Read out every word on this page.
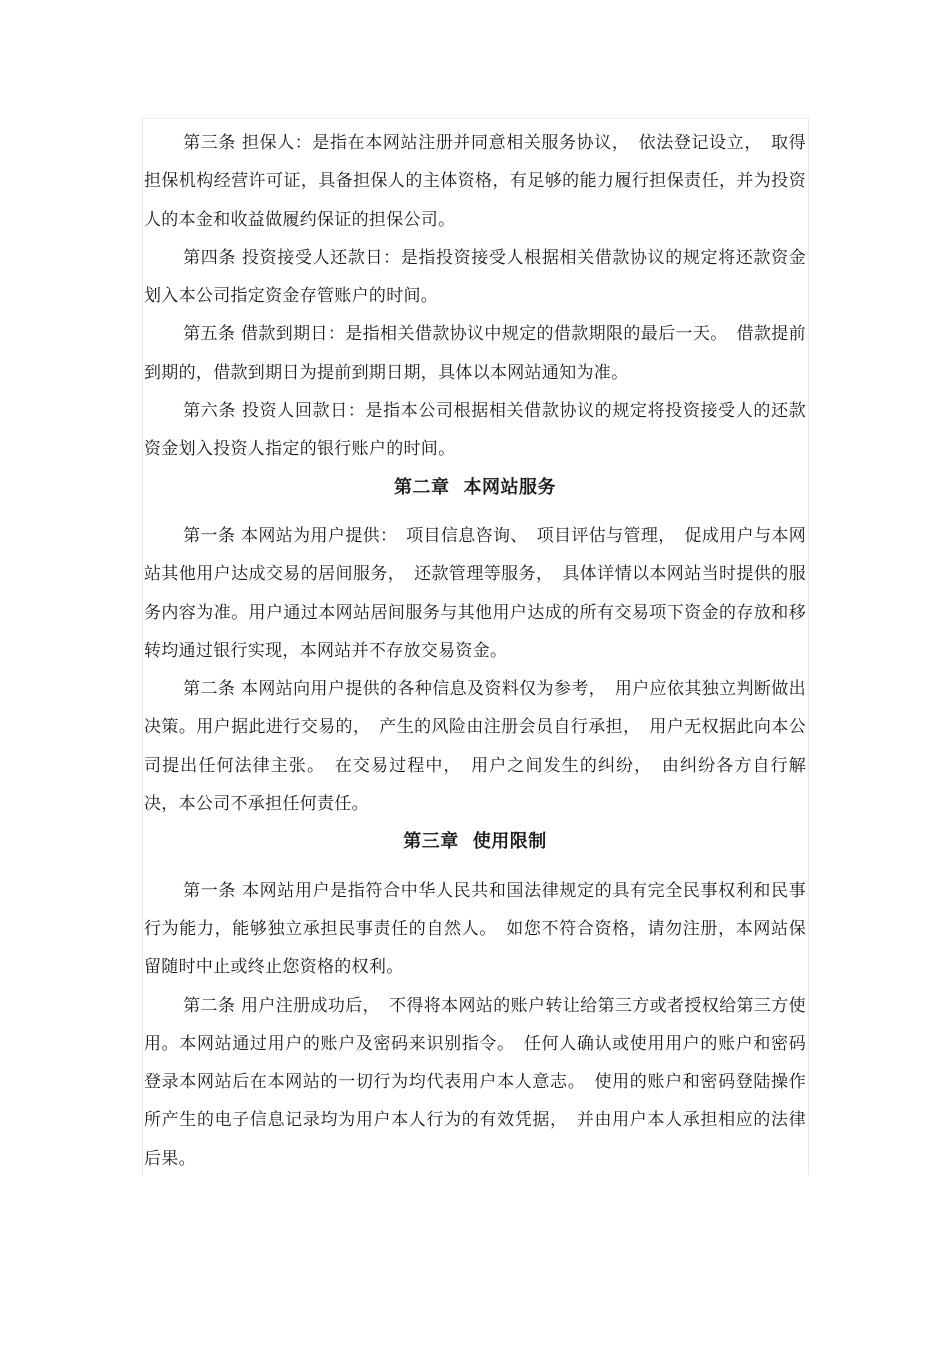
第三条 担保人：是指在本网站注册并同意相关服务协议，　依法登记设立，　取得担保机构经营许可证，具备担保人的主体资格，有足够的能力履行担保责任，并为投资人的本金和收益做履约保证的担保公司。

第四条 投资接受人还款日：是指投资接受人根据相关借款协议的规定将还款资金划入本公司指定资金存管账户的时间。

第五条 借款到期日：是指相关借款协议中规定的借款期限的最后一天。　借款提前到期的，借款到期日为提前到期日期，具体以本网站通知为准。

第六条 投资人回款日：是指本公司根据相关借款协议的规定将投资接受人的还款资金划入投资人指定的银行账户的时间。

第二章 本网站服务

第一条 本网站为用户提供：　项目信息咨询、　项目评估与管理，　促成用户与本网站其他用户达成交易的居间服务，　还款管理等服务，　具体详情以本网站当时提供的服务内容为准。用户通过本网站居间服务与其他用户达成的所有交易项下资金的存放和移转均通过银行实现，本网站并不存放交易资金。

第二条 本网站向用户提供的各种信息及资料仅为参考，　用户应依其独立判断做出决策。用户据此进行交易的，　产生的风险由注册会员自行承担，　用户无权据此向本公司提出任何法律主张。　在交易过程中，　用户之间发生的纠纷，　由纠纷各方自行解决，本公司不承担任何责任。

第三章 使用限制

第一条 本网站用户是指符合中华人民共和国法律规定的具有完全民事权利和民事行为能力，能够独立承担民事责任的自然人。　如您不符合资格，请勿注册，本网站保留随时中止或终止您资格的权利。

第二条 用户注册成功后，　不得将本网站的账户转让给第三方或者授权给第三方使用。本网站通过用户的账户及密码来识别指令。　任何人确认或使用用户的账户和密码登录本网站后在本网站的一切行为均代表用户本人意志。　使用的账户和密码登陆操作所产生的电子信息记录均为用户本人行为的有效凭据，　并由用户本人承担相应的法律后果。
